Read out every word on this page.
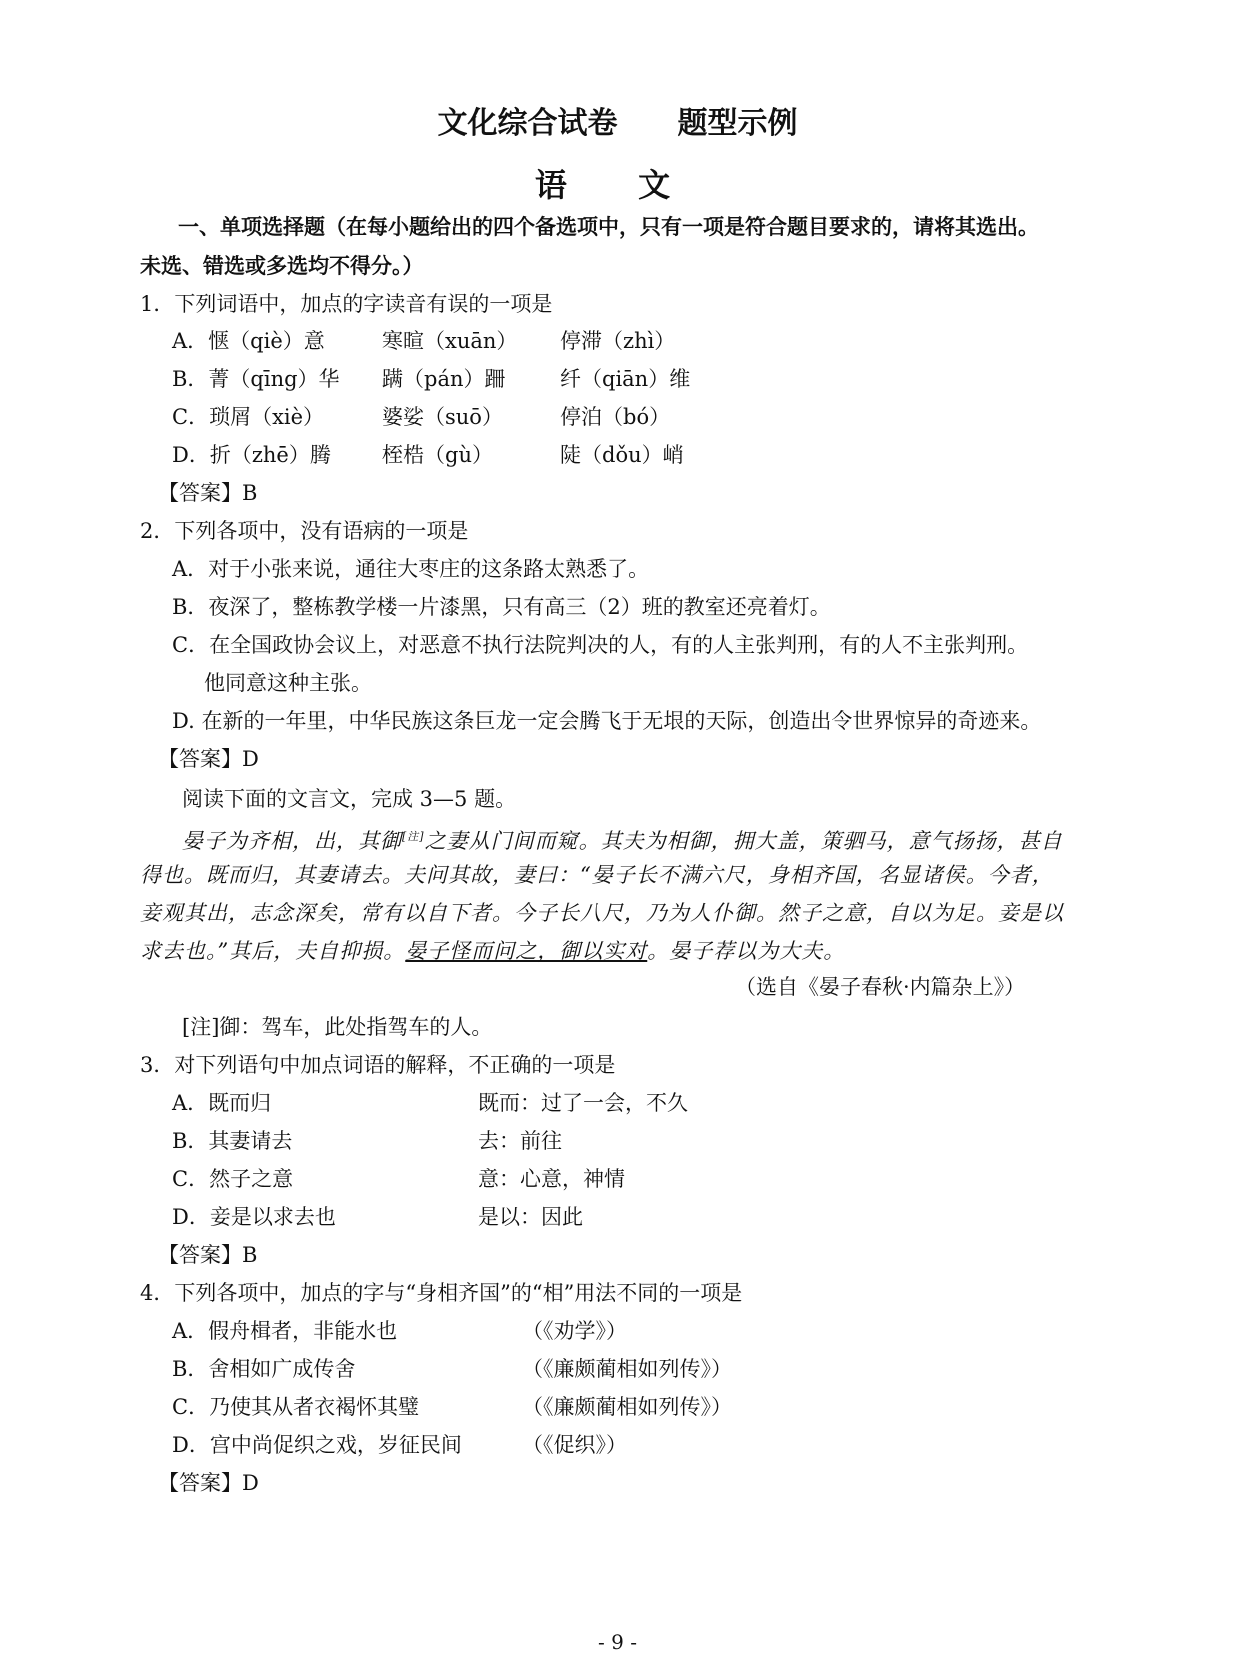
文化综合试卷 题型示例
语 文
一、单项选择题（在每小题给出的四个备选项中，只有一项是符合题目要求的，请将其选出。
未选、错选或多选均不得分。）
1．下列词语中，加点的字读音有误的一项是
A．惬（qiè）意	寒暄（xuān） 停滞（zhì）
B．菁（qīng）华 蹒（pán）跚	纤（qiān）维
C．琐屑（xiè）	婆娑（suō）	停泊（bó）
D．折（zhē）腾 桎梏（gù）	陡（dǒu）峭
【答案】B
2．下列各项中，没有语病的一项是
A．对于小张来说，通往大枣庄的这条路太熟悉了。
B．夜深了，整栋教学楼一片漆黑，只有高三（2）班的教室还亮着灯。
C．在全国政协会议上，对恶意不执行法院判决的人，有的人主张判刑，有的人不主张判刑。
他同意这种主张。
D. 在新的一年里，中华民族这条巨龙一定会腾飞于无垠的天际，创造出令世界惊异的奇迹来。
【答案】D
阅读下面的文言文，完成 3—5 题。
晏子为齐相，出，其御[注]之妻从门间而窥。其夫为相御，拥大盖，策驷马，意气扬扬，甚自
得也。既而归，其妻请去。夫问其故，妻曰：“晏子长不满六尺，身相齐国，名显诸侯。今者，
妾观其出，志念深矣，常有以自下者。今子长八尺，乃为人仆御。然子之意，自以为足。妾是以
求去也。”其后，夫自抑损。晏子怪而问之，御以实对。晏子荐以为大夫。
（选自《晏子春秋·内篇杂上》）
[注]御：驾车，此处指驾车的人。
3．对下列语句中加点词语的解释，不正确的一项是
A．既而归	既而：过了一会，不久
B．其妻请去	去：前往
C．然子之意	意：心意，神情
D．妾是以求去也	是以：因此
【答案】B
4．下列各项中，加点的字与“身相齐国”的“相”用法不同的一项是
A．假舟楫者，非能水也	（《劝学》）
B．舍相如广成传舍	（《廉颇蔺相如列传》）
C．乃使其从者衣褐怀其璧	（《廉颇蔺相如列传》）
D．宫中尚促织之戏，岁征民间	（《促织》）
【答案】D
- 9 -
